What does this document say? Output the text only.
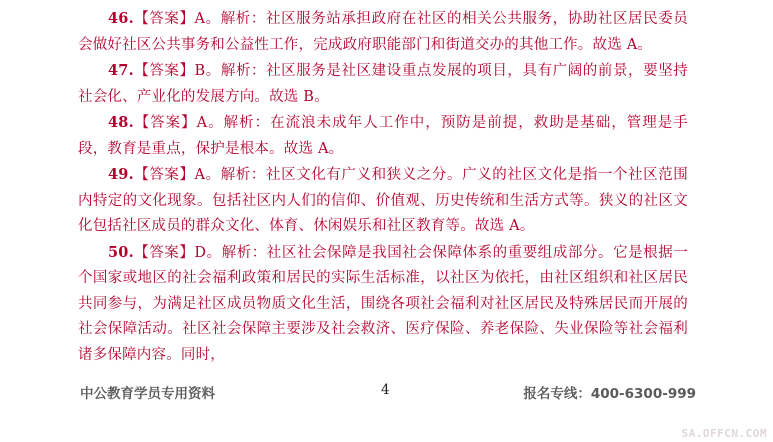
46.【答案】A。解析：社区服务站承担政府在社区的相关公共服务，协助社区居民委员会做好社区公共事务和公益性工作，完成政府职能部门和街道交办的其他工作。故选 A。

47.【答案】B。解析：社区服务是社区建设重点发展的项目，具有广阔的前景，要坚持社会化、产业化的发展方向。故选 B。

48.【答案】A。解析：在流浪未成年人工作中，预防是前提，救助是基础，管理是手段，教育是重点，保护是根本。故选 A。

49.【答案】A。解析：社区文化有广义和狭义之分。广义的社区文化是指一个社区范围内特定的文化现象。包括社区内人们的信仰、价值观、历史传统和生活方式等。狭义的社区文化包括社区成员的群众文化、体育、休闲娱乐和社区教育等。故选 A。

50.【答案】D。解析：社区社会保障是我国社会保障体系的重要组成部分。它是根据一个国家或地区的社会福利政策和居民的实际生活标准，以社区为依托，由社区组织和社区居民共同参与，为满足社区成员物质文化生活，围绕各项社会福利对社区居民及特殊居民而开展的社会保障活动。社区社会保障主要涉及社会救济、医疗保险、养老保险、失业保险等社会福利诸多保障内容。同时，

中公教育学员专用资料	4	报名专线：400-6300-999
SA.OFFCN.COM
